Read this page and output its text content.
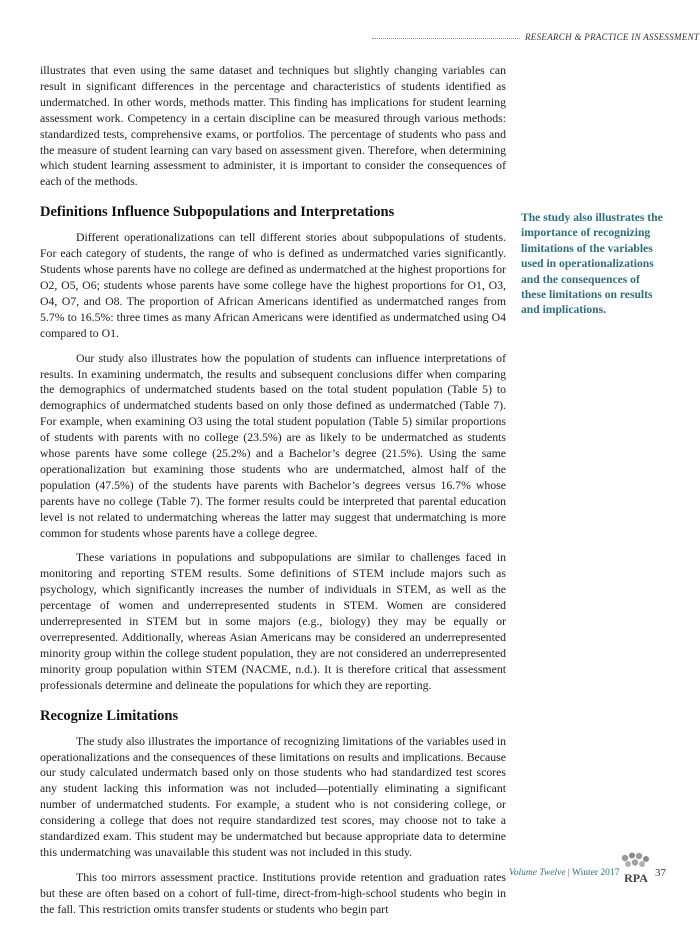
RESEARCH & PRACTICE IN ASSESSMENT

illustrates that even using the same dataset and techniques but slightly changing variables can result in significant differences in the percentage and characteristics of students identified as undermatched. In other words, methods matter. This finding has implications for student learning assessment work. Competency in a certain discipline can be measured through various methods: standardized tests, comprehensive exams, or portfolios. The percentage of students who pass and the measure of student learning can vary based on assessment given. Therefore, when determining which student learning assessment to administer, it is important to consider the consequences of each of the methods.

Definitions Influence Subpopulations and Interpretations

Different operationalizations can tell different stories about subpopulations of students. For each category of students, the range of who is defined as undermatched varies significantly. Students whose parents have no college are defined as undermatched at the highest proportions for O2, O5, O6; students whose parents have some college have the highest proportions for O1, O3, O4, O7, and O8. The proportion of African Americans identified as undermatched ranges from 5.7% to 16.5%: three times as many African Americans were identified as undermatched using O4 compared to O1.

Our study also illustrates how the population of students can influence interpretations of results. In examining undermatch, the results and subsequent conclusions differ when comparing the demographics of undermatched students based on the total student population (Table 5) to demographics of undermatched students based on only those defined as undermatched (Table 7). For example, when examining O3 using the total student population (Table 5) similar proportions of students with parents with no college (23.5%) are as likely to be undermatched as students whose parents have some college (25.2%) and a Bachelor’s degree (21.5%). Using the same operationalization but examining those students who are undermatched, almost half of the population (47.5%) of the students have parents with Bachelor’s degrees versus 16.7% whose parents have no college (Table 7). The former results could be interpreted that parental education level is not related to undermatching whereas the latter may suggest that undermatching is more common for students whose parents have a college degree.

These variations in populations and subpopulations are similar to challenges faced in monitoring and reporting STEM results. Some definitions of STEM include majors such as psychology, which significantly increases the number of individuals in STEM, as well as the percentage of women and underrepresented students in STEM. Women are considered underrepresented in STEM but in some majors (e.g., biology) they may be equally or overrepresented. Additionally, whereas Asian Americans may be considered an underrepresented minority group within the college student population, they are not considered an underrepresented minority group population within STEM (NACME, n.d.). It is therefore critical that assessment professionals determine and delineate the populations for which they are reporting.

Recognize Limitations

The study also illustrates the importance of recognizing limitations of the variables used in operationalizations and the consequences of these limitations on results and implications. Because our study calculated undermatch based only on those students who had standardized test scores any student lacking this information was not included—potentially eliminating a significant number of undermatched students. For example, a student who is not considering college, or considering a college that does not require standardized test scores, may choose not to take a standardized exam. This student may be undermatched but because appropriate data to determine this undermatching was unavailable this student was not included in this study.

This too mirrors assessment practice. Institutions provide retention and graduation rates but these are often based on a cohort of full-time, direct-from-high-school students who begin in the fall. This restriction omits transfer students or students who begin part

The study also illustrates the importance of recognizing limitations of the variables used in operationalizations and the consequences of these limitations on results and implications.
Volume Twelve | Winter 2017 RPA 37
